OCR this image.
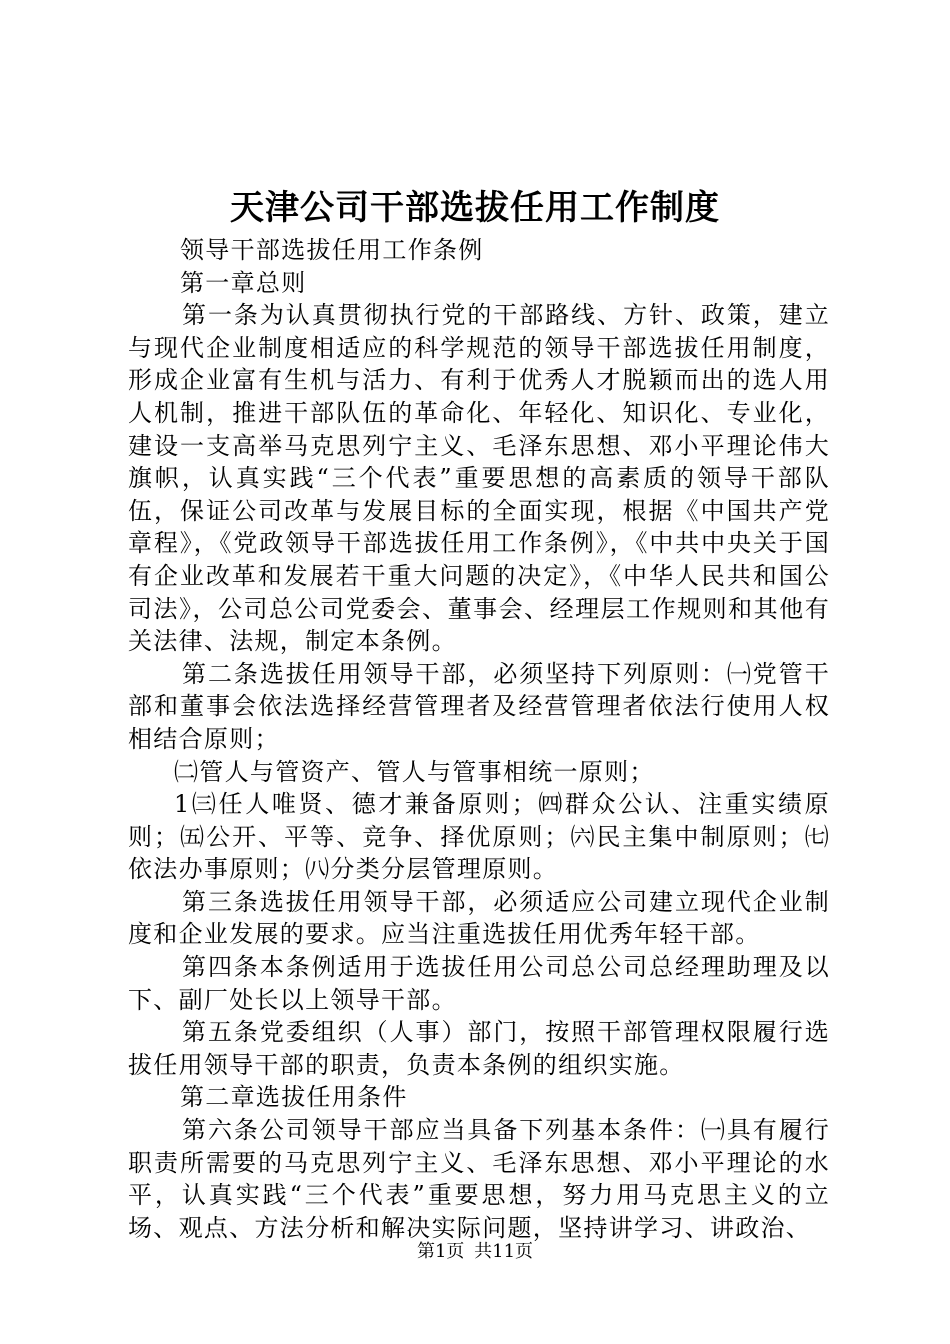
天津公司干部选拔任用工作制度

领导干部选拔任用工作条例

第一章总则

第一条为认真贯彻执行党的干部路线、方针、政策，建立与现代企业制度相适应的科学规范的领导干部选拔任用制度，形成企业富有生机与活力、有利于优秀人才脱颖而出的选人用人机制，推进干部队伍的革命化、年轻化、知识化、专业化，建设一支高举马克思列宁主义、毛泽东思想、邓小平理论伟大旗帜，认真实践“三个代表”重要思想的高素质的领导干部队伍，保证公司改革与发展目标的全面实现，根据《中国共产党章程》，《党政领导干部选拔任用工作条例》，《中共中央关于国有企业改革和发展若干重大问题的决定》，《中华人民共和国公司法》，公司总公司党委会、董事会、经理层工作规则和其他有关法律、法规，制定本条例。

第二条选拔任用领导干部，必须坚持下列原则：㈠党管干部和董事会依法选择经营管理者及经营管理者依法行使用人权相结合原则；

㈡管人与管资产、管人与管事相统一原则；

1㈢任人唯贤、德才兼备原则；㈣群众公认、注重实绩原则；㈤公开、平等、竞争、择优原则；㈥民主集中制原则；㈦依法办事原则；㈧分类分层管理原则。

第三条选拔任用领导干部，必须适应公司建立现代企业制度和企业发展的要求。应当注重选拔任用优秀年轻干部。

第四条本条例适用于选拔任用公司总公司总经理助理及以下、副厂处长以上领导干部。

第五条党委组织（人事）部门，按照干部管理权限履行选拔任用领导干部的职责，负责本条例的组织实施。

第二章选拔任用条件

第六条公司领导干部应当具备下列基本条件：㈠具有履行职责所需要的马克思列宁主义、毛泽东思想、邓小平理论的水平，认真实践“三个代表”重要思想，努力用马克思主义的立场、观点、方法分析和解决实际问题，坚持讲学习、讲政治、

第1页 共11页
